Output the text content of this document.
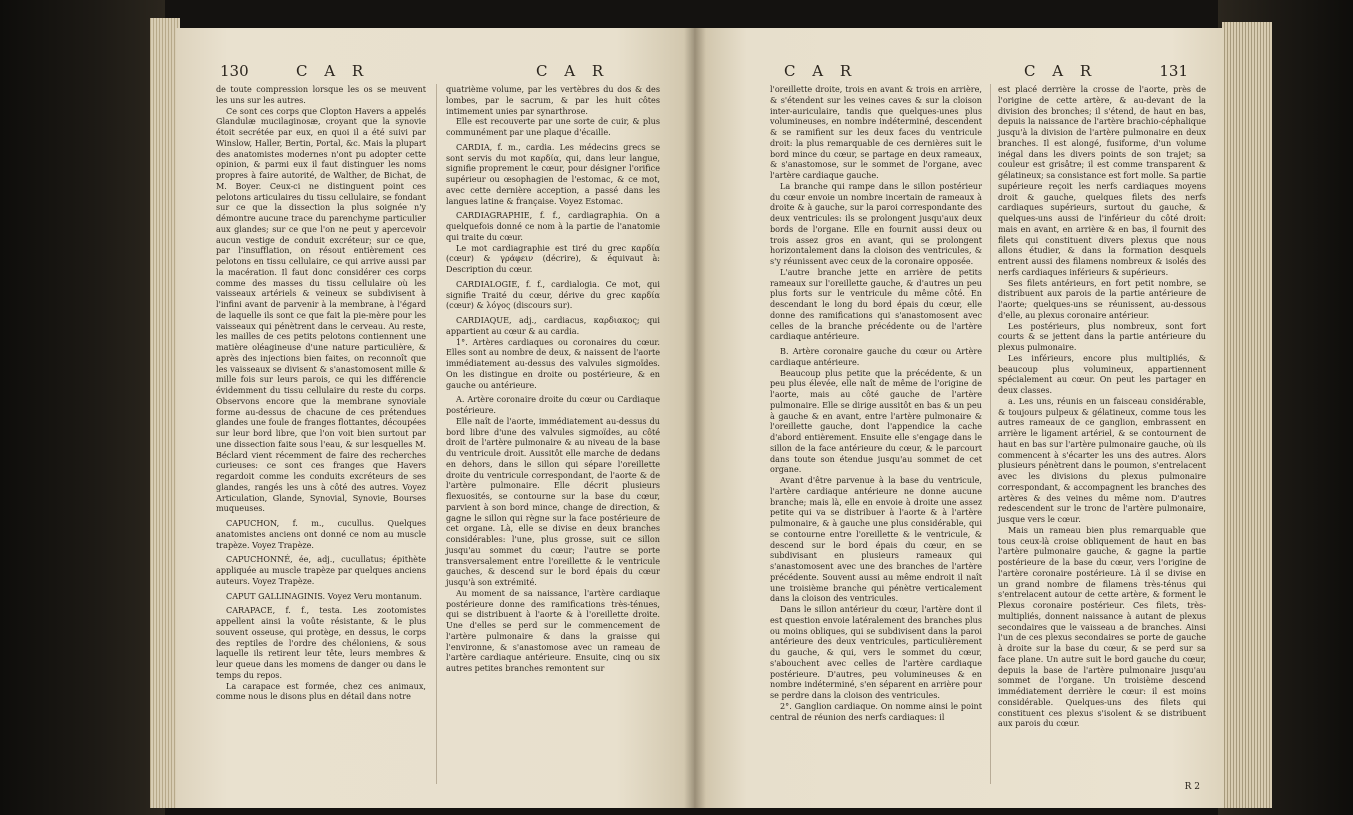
130	C A R	C A R

de toute compression lorsque les os se meuvent les uns sur les autres.

Ce sont ces corps que Clopton Havers a appelés Glandulæ mucilaginosæ, croyant que la synovie étoit secrétée par eux, en quoi il a été suivi par Winslow, Haller, Bertin, Portal, &c. Mais la plupart des anatomistes modernes n'ont pu adopter cette opinion, & parmi eux il faut distinguer les noms propres à faire autorité, de Walther, de Bichat, de M. Boyer. Ceux-ci ne distinguent point ces pelotons articulaires du tissu cellulaire, se fondant sur ce que la dissection la plus soignée n'y démontre aucune trace du parenchyme particulier aux glandes; sur ce que l'on ne peut y apercevoir aucun vestige de conduit excréteur; sur ce que, par l'insufflation, on résout entièrement ces pelotons en tissu cellulaire, ce qui arrive aussi par la macération. Il faut donc considérer ces corps comme des masses du tissu cellulaire où les vaisseaux artériels & veineux se subdivisent à l'infini avant de parvenir à la membrane, à l'égard de laquelle ils sont ce que fait la pie-mère pour les vaisseaux qui pénètrent dans le cerveau. Au reste, les mailles de ces petits pelotons contiennent une matière oléagineuse d'une nature particulière, & après des injections bien faites, on reconnoît que les vaisseaux se divisent & s'anastomosent mille & mille fois sur leurs parois, ce qui les différencie évidemment du tissu cellulaire du reste du corps. Observons encore que la membrane synoviale forme au-dessus de chacune de ces prétendues glandes une foule de franges flottantes, découpées sur leur bord libre, que l'on voit bien surtout par une dissection faite sous l'eau, & sur lesquelles M. Béclard vient récemment de faire des recherches curieuses: ce sont ces franges que Havers regardoit comme les conduits excréteurs de ses glandes, rangés les uns à côté des autres. Voyez Articulation, Glande, Synovial, Synovie, Bourses muqueuses.

CAPUCHON, f. m., cucullus. Quelques anatomistes anciens ont donné ce nom au muscle trapèze. Voyez Trapèze.

CAPUCHONNÉ, ée, adj., cucullatus; épithète appliquée au muscle trapèze par quelques anciens auteurs. Voyez Trapèze.

CAPUT GALLINAGINIS. Voyez Veru montanum.

CARAPACE, f. f., testa. Les zootomistes appellent ainsi la voûte résistante, & le plus souvent osseuse, qui protège, en dessus, le corps des reptiles de l'ordre des chéloniens, & sous laquelle ils retirent leur tête, leurs membres & leur queue dans les momens de danger ou dans le temps du repos.

La carapace est formée, chez ces animaux, comme nous le disons plus en détail dans notre

quatrième volume, par les vertèbres du dos & des lombes, par le sacrum, & par les huit côtes intimement unies par synarthrose.

Elle est recouverte par une sorte de cuir, & plus communément par une plaque d'écaille.

CARDIA, f. m., cardia. Les médecins grecs se sont servis du mot καρδία, qui, dans leur langue, signifie proprement le cœur, pour désigner l'orifice supérieur ou œsophagien de l'estomac, & ce mot, avec cette dernière acception, a passé dans les langues latine & française. Voyez Estomac.

CARDIAGRAPHIE, f. f., cardiagraphia. On a quelquefois donné ce nom à la partie de l'anatomie qui traite du cœur.

Le mot cardiagraphie est tiré du grec καρδία (cœur) & γράφειν (décrire), & équivaut à: Description du cœur.

CARDIALOGIE, f. f., cardialogia. Ce mot, qui signifie Traité du cœur, dérive du grec καρδία (cœur) & λόγος (discours sur).

CARDIAQUE, adj., cardiacus, καρδιακος; qui appartient au cœur & au cardia.

1°. Artères cardiaques ou coronaires du cœur. Elles sont au nombre de deux, & naissent de l'aorte immédiatement au-dessus des valvules sigmoïdes. On les distingue en droite ou postérieure, & en gauche ou antérieure.

A. Artère coronaire droite du cœur ou Cardiaque postérieure.

Elle naît de l'aorte, immédiatement au-dessus du bord libre d'une des valvules sigmoïdes, au côté droit de l'artère pulmonaire & au niveau de la base du ventricule droit. Aussitôt elle marche de dedans en dehors, dans le sillon qui sépare l'oreillette droite du ventricule correspondant, de l'aorte & de l'artère pulmonaire. Elle décrit plusieurs flexuosités, se contourne sur la base du cœur, parvient à son bord mince, change de direction, & gagne le sillon qui règne sur la face postérieure de cet organe. Là, elle se divise en deux branches considérables: l'une, plus grosse, suit ce sillon jusqu'au sommet du cœur; l'autre se porte transversalement entre l'oreillette & le ventricule gauches, & descend sur le bord épais du cœur jusqu'à son extrémité.

Au moment de sa naissance, l'artère cardiaque postérieure donne des ramifications très-ténues, qui se distribuent à l'aorte & à l'oreillette droite. Une d'elles se perd sur le commencement de l'artère pulmonaire & dans la graisse qui l'environne, & s'anastomose avec un rameau de l'artère cardiaque antérieure. Ensuite, cinq ou six autres petites branches remontent sur

C A R	C A R	131

l'oreillette droite, trois en avant & trois en arrière, & s'étendent sur les veines caves & sur la cloison inter-auriculaire, tandis que quelques-unes plus volumineuses, en nombre indéterminé, descendent & se ramifient sur les deux faces du ventricule droit: la plus remarquable de ces dernières suit le bord mince du cœur, se partage en deux rameaux, & s'anastomose, sur le sommet de l'organe, avec l'artère cardiaque gauche.

La branche qui rampe dans le sillon postérieur du cœur envoie un nombre incertain de rameaux à droite & à gauche, sur la paroi correspondante des deux ventricules: ils se prolongent jusqu'aux deux bords de l'organe. Elle en fournit aussi deux ou trois assez gros en avant, qui se prolongent horizontalement dans la cloison des ventricules, & s'y réunissent avec ceux de la coronaire opposée.

L'autre branche jette en arrière de petits rameaux sur l'oreillette gauche, & d'autres un peu plus forts sur le ventricule du même côté. En descendant le long du bord épais du cœur, elle donne des ramifications qui s'anastomosent avec celles de la branche précédente ou de l'artère cardiaque antérieure.

B. Artère coronaire gauche du cœur ou Artère cardiaque antérieure.

Beaucoup plus petite que la précédente, & un peu plus élevée, elle naît de même de l'origine de l'aorte, mais au côté gauche de l'artère pulmonaire. Elle se dirige aussitôt en bas & un peu à gauche & en avant, entre l'artère pulmonaire & l'oreillette gauche, dont l'appendice la cache d'abord entièrement. Ensuite elle s'engage dans le sillon de la face antérieure du cœur, & le parcourt dans toute son étendue jusqu'au sommet de cet organe.

Avant d'être parvenue à la base du ventricule, l'artère cardiaque antérieure ne donne aucune branche; mais là, elle en envoie à droite une assez petite qui va se distribuer à l'aorte & à l'artère pulmonaire, & à gauche une plus considérable, qui se contourne entre l'oreillette & le ventricule, & descend sur le bord épais du cœur, en se subdivisant en plusieurs rameaux qui s'anastomosent avec une des branches de l'artère précédente. Souvent aussi au même endroit il naît une troisième branche qui pénètre verticalement dans la cloison des ventricules.

Dans le sillon antérieur du cœur, l'artère dont il est question envoie latéralement des branches plus ou moins obliques, qui se subdivisent dans la paroi antérieure des deux ventricules, particulièrement du gauche, & qui, vers le sommet du cœur, s'abouchent avec celles de l'artère cardiaque postérieure. D'autres, peu volumineuses & en nombre indéterminé, s'en séparent en arrière pour se perdre dans la cloison des ventricules.

2°. Ganglion cardiaque. On nomme ainsi le point central de réunion des nerfs cardiaques: il

est placé derrière la crosse de l'aorte, près de l'origine de cette artère, & au-devant de la division des bronches; il s'étend, de haut en bas, depuis la naissance de l'artère brachio-céphalique jusqu'à la division de l'artère pulmonaire en deux branches. Il est alongé, fusiforme, d'un volume inégal dans les divers points de son trajet; sa couleur est grisâtre; il est comme transparent & gélatineux; sa consistance est fort molle. Sa partie supérieure reçoit les nerfs cardiaques moyens droit & gauche, quelques filets des nerfs cardiaques supérieurs, surtout du gauche, & quelques-uns aussi de l'inférieur du côté droit: mais en avant, en arrière & en bas, il fournit des filets qui constituent divers plexus que nous allons étudier, & dans la formation desquels entrent aussi des filamens nombreux & isolés des nerfs cardiaques inférieurs & supérieurs.

Ses filets antérieurs, en fort petit nombre, se distribuent aux parois de la partie antérieure de l'aorte; quelques-uns se réunissent, au-dessous d'elle, au plexus coronaire antérieur.

Les postérieurs, plus nombreux, sont fort courts & se jettent dans la partie antérieure du plexus pulmonaire.

Les inférieurs, encore plus multipliés, & beaucoup plus volumineux, appartiennent spécialement au cœur. On peut les partager en deux classes.

a. Les uns, réunis en un faisceau considérable, & toujours pulpeux & gélatineux, comme tous les autres rameaux de ce ganglion, embrassent en arrière le ligament artériel, & se contournent de haut en bas sur l'artère pulmonaire gauche, où ils commencent à s'écarter les uns des autres. Alors plusieurs pénètrent dans le poumon, s'entrelacent avec les divisions du plexus pulmonaire correspondant, & accompagnent les branches des artères & des veines du même nom. D'autres redescendent sur le tronc de l'artère pulmonaire, jusque vers le cœur.

Mais un rameau bien plus remarquable que tous ceux-là croise obliquement de haut en bas l'artère pulmonaire gauche, & gagne la partie postérieure de la base du cœur, vers l'origine de l'artère coronaire postérieure. Là il se divise en un grand nombre de filamens très-ténus qui s'entrelacent autour de cette artère, & forment le Plexus coronaire postérieur. Ces filets, très-multipliés, donnent naissance à autant de plexus secondaires que le vaisseau a de branches. Ainsi l'un de ces plexus secondaires se porte de gauche à droite sur la base du cœur, & se perd sur sa face plane. Un autre suit le bord gauche du cœur, depuis la base de l'artère pulmonaire jusqu'au sommet de l'organe. Un troisième descend immédiatement derrière le cœur: il est moins considérable. Quelques-uns des filets qui constituent ces plexus s'isolent & se distribuent aux parois du cœur.

R 2
